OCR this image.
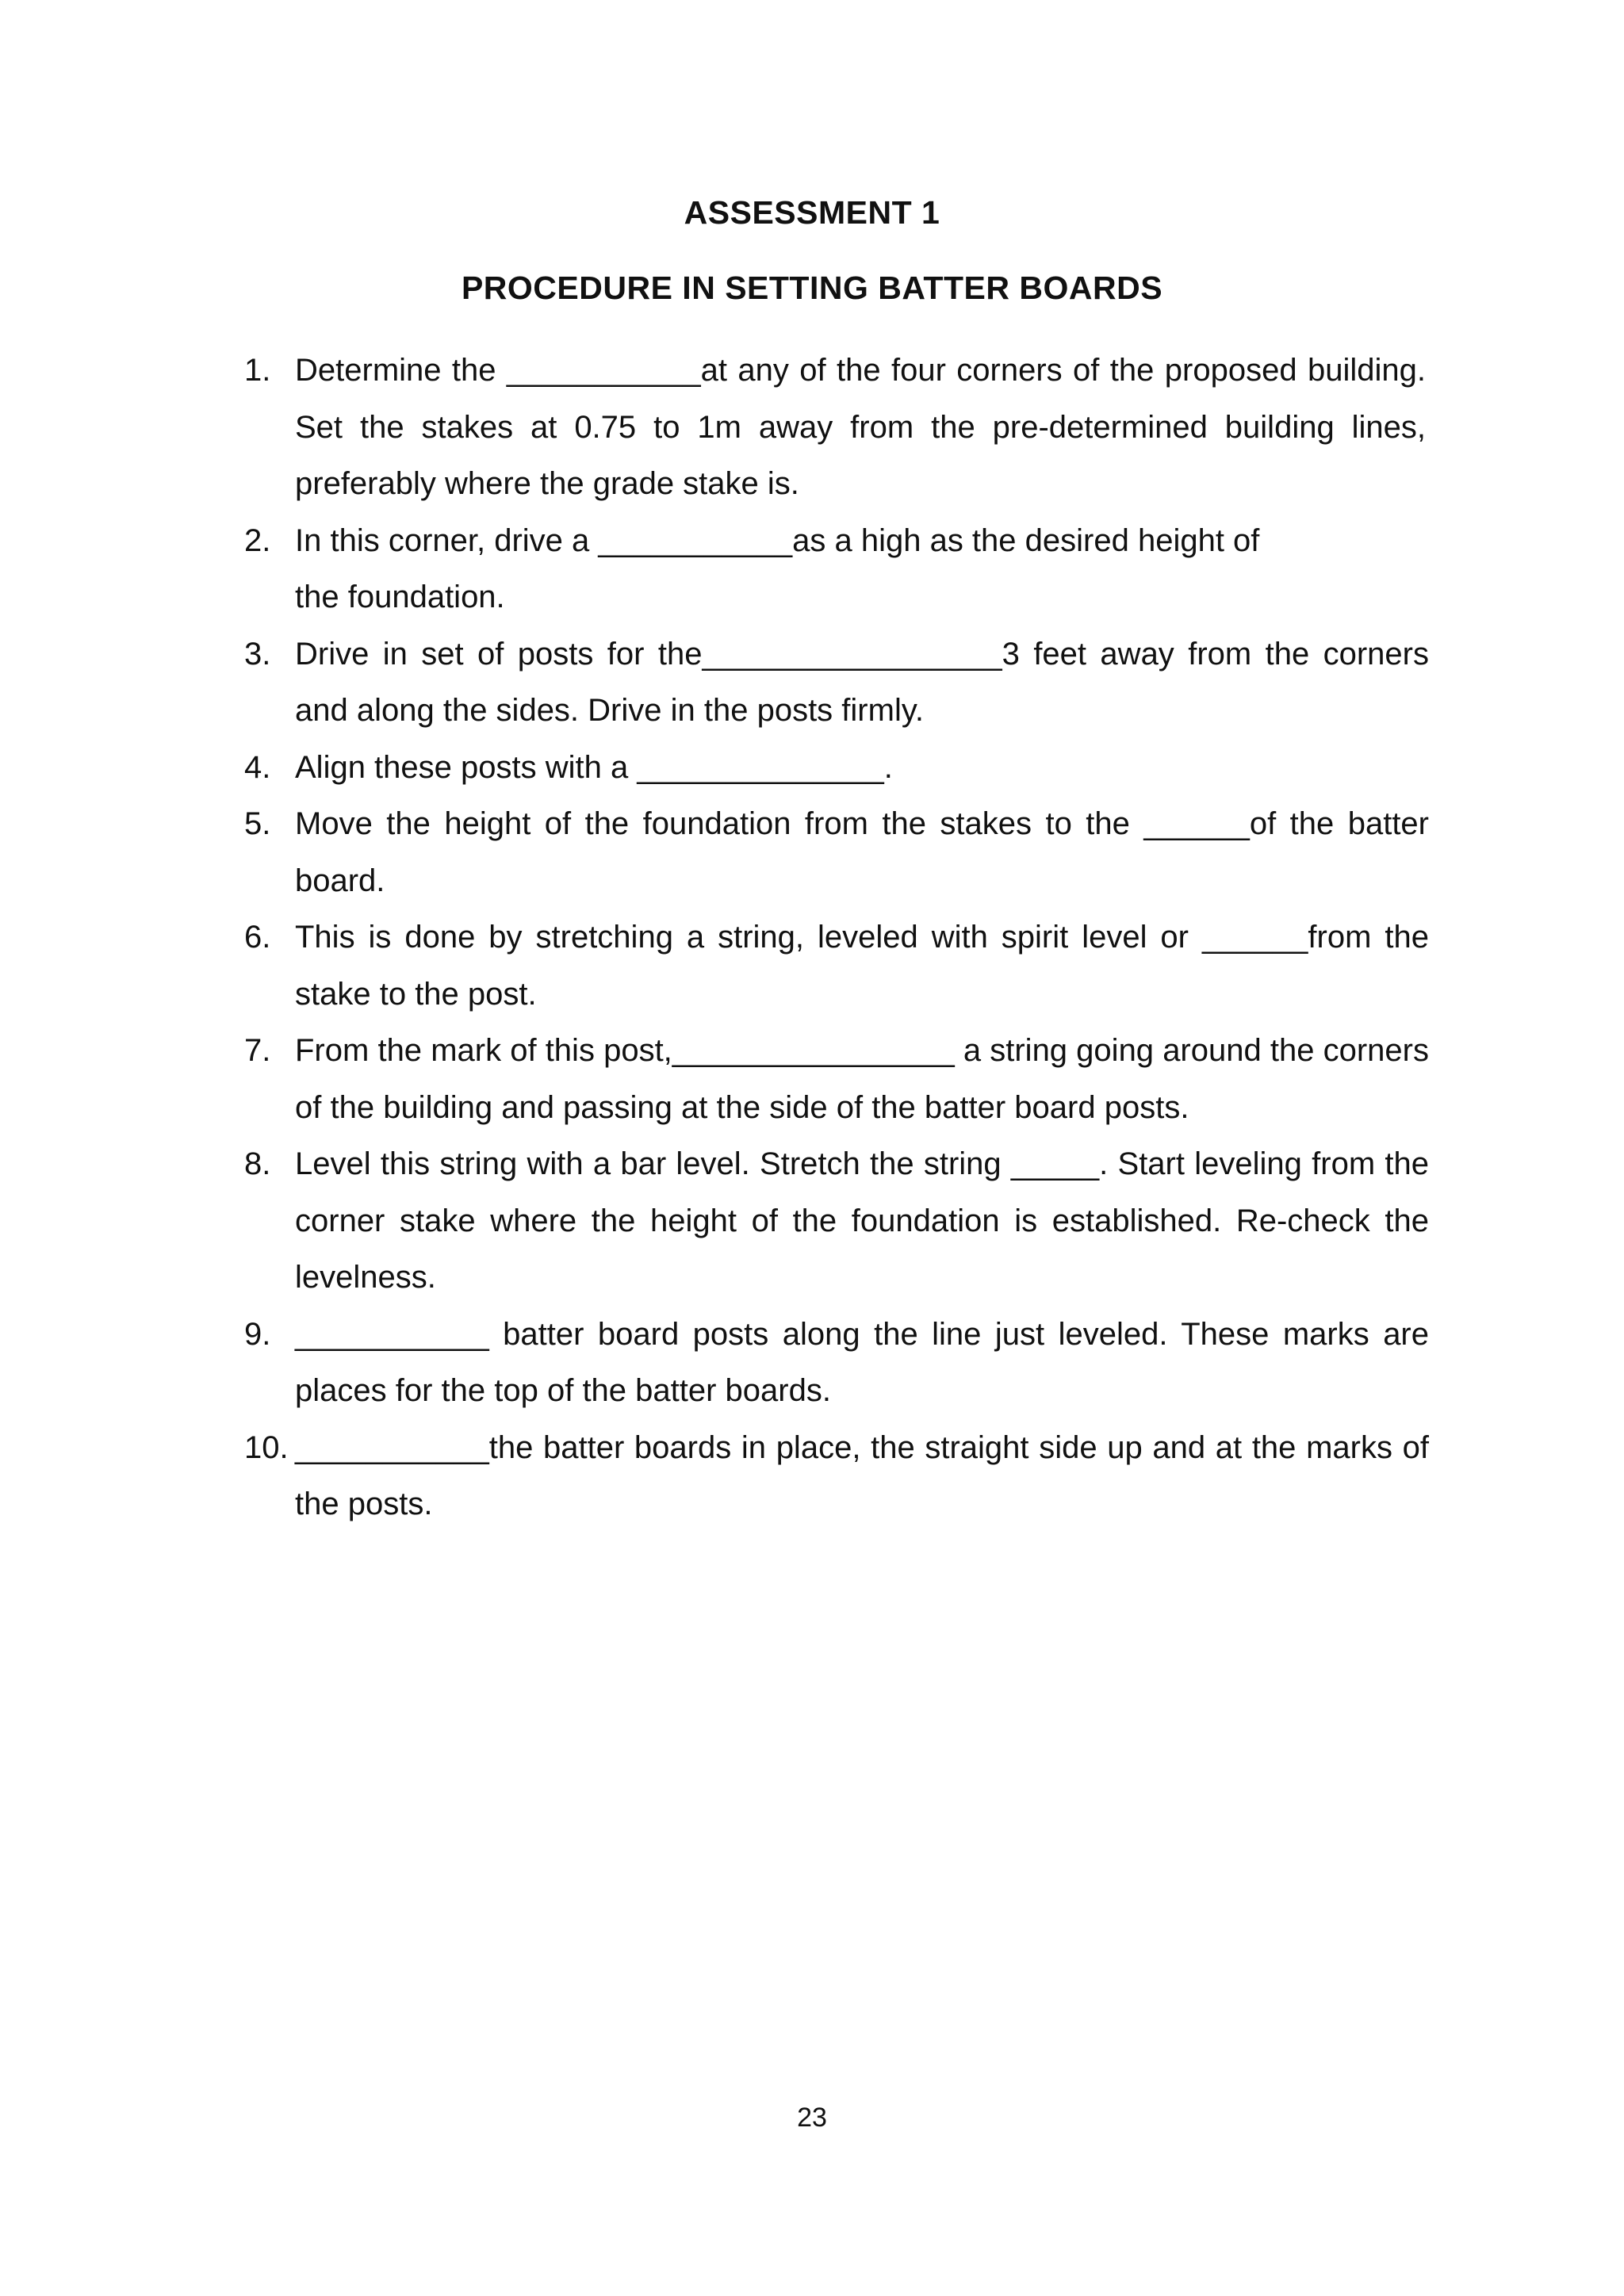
ASSESSMENT 1
PROCEDURE IN SETTING BATTER BOARDS
1. Determine the ___________at any of the four corners of the proposed building. Set the stakes at 0.75 to 1m away from the pre-determined building lines, preferably where the grade stake is.
2. In this corner, drive a ___________as a high as the desired height of the foundation.
3. Drive in set of posts for the_________________3 feet away from the corners and along the sides. Drive in the posts firmly.
4. Align these posts with a ______________.
5. Move the height of the foundation from the stakes to the ______of the batter board.
6. This is done by stretching a string, leveled with spirit level or ______from the stake to the post.
7. From the mark of this post,________________ a string going around the corners of the building and passing at the side of the batter board posts.
8. Level this string with a bar level. Stretch the string _____. Start leveling from the corner stake where the height of the foundation is established. Re-check the levelness.
9. ___________ batter board posts along the line just leveled. These marks are places for the top of the batter boards.
10. ___________the batter boards in place, the straight side up and at the marks of the posts.
23
